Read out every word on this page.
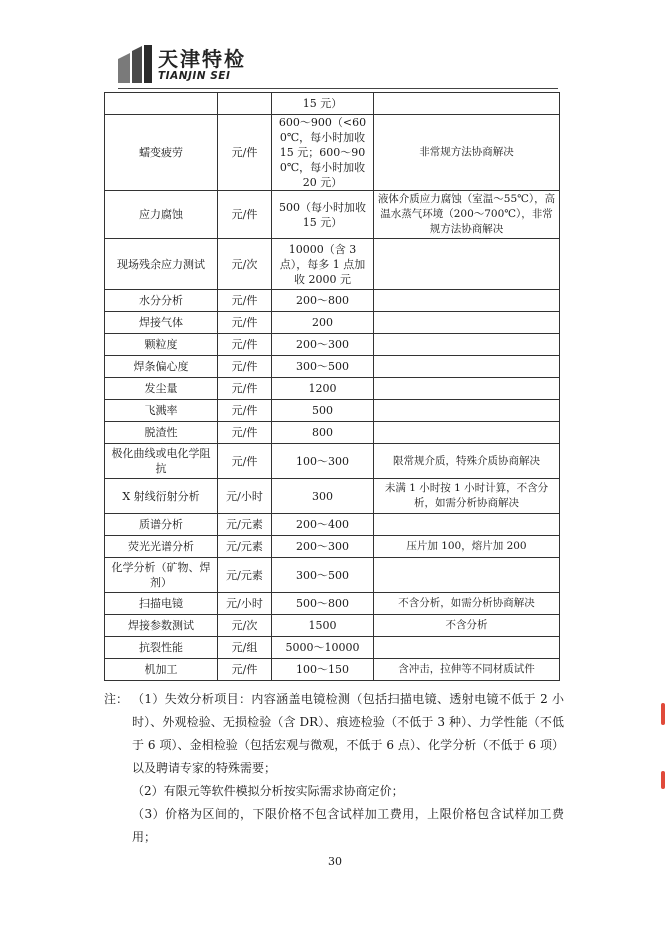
天津特检
TIANJIN SEI
		15 元）	
蠕变疲劳	元/件	600～900（<600℃，每小时加收 15 元；600～900℃，每小时加收 20 元）	非常规方法协商解决
应力腐蚀	元/件	500（每小时加收 15 元）	液体介质应力腐蚀（室温～55℃），高温水蒸气环境（200～700℃），非常规方法协商解决
现场残余应力测试	元/次	10000（含 3 点），每多 1 点加收 2000 元	
水分分析	元/件	200～800	
焊接气体	元/件	200	
颗粒度	元/件	200～300	
焊条偏心度	元/件	300～500	
发尘量	元/件	1200	
飞溅率	元/件	500	
脱渣性	元/件	800	
极化曲线或电化学阻抗	元/件	100～300	限常规介质，特殊介质协商解决
X 射线衍射分析	元/小时	300	未满 1 小时按 1 小时计算，不含分析，如需分析协商解决
质谱分析	元/元素	200～400	
荧光光谱分析	元/元素	200～300	压片加 100，熔片加 200
化学分析（矿物、焊剂）	元/元素	300～500	
扫描电镜	元/小时	500～800	不含分析，如需分析协商解决
焊接参数测试	元/次	1500	不含分析
抗裂性能	元/组	5000～10000	
机加工	元/件	100～150	含冲击，拉伸等不同材质试件
注： （1）失效分析项目：内容涵盖电镜检测（包括扫描电镜、透射电镜不低于 2 小时）、外观检验、无损检验（含 DR）、痕迹检验（不低于 3 种）、力学性能（不低于 6 项）、金相检验（包括宏观与微观，不低于 6 点）、化学分析（不低于 6 项）以及聘请专家的特殊需要；
（2）有限元等软件模拟分析按实际需求协商定价；
（3）价格为区间的，下限价格不包含试样加工费用，上限价格包含试样加工费用；
30
